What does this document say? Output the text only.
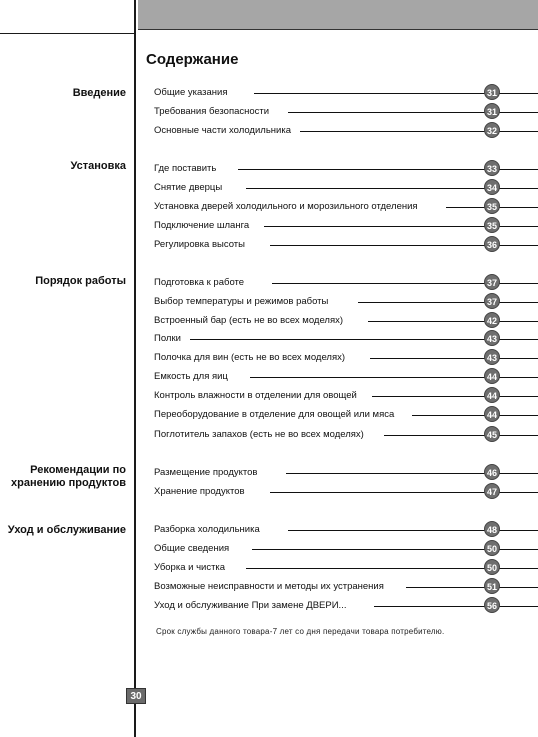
Содержание
Введение
Установка
Порядок работы
Рекомендации по хранению продуктов
Уход и обслуживание
Общие указания	31
Требования безопасности	31
Основные части холодильника	32
Где поставить	33
Снятие дверцы	34
Установка дверей холодильного и морозильного отделения	35
Подключение шланга	35
Регулировка высоты	36
Подготовка к работе	37
Выбор температуры и режимов работы	37
Встроенный бар (есть не во всех моделях)	42
Полки	43
Полочка для вин (есть не во всех моделях)	43
Емкость для яиц	44
Контроль влажности в отделении для овощей	44
Переоборудование в отделение для овощей или мяса	44
Поглотитель запахов (есть не во всех моделях)	45
Размещение продуктов	46
Хранение продуктов	47
Разборка холодильника	48
Общие сведения	50
Уборка и чистка	50
Возможные неисправности и методы их устранения	51
Уход и обслуживание При замене ДВЕРИ...	56
Срок службы данного товара-7 лет со дня передачи товара потребителю.
30
